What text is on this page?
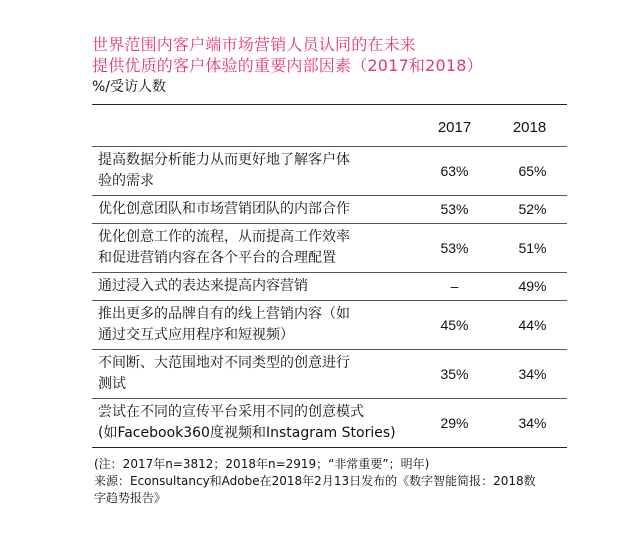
世界范围内客户端市场营销人员认同的在未来
提供优质的客户体验的重要内部因素（2017和2018）
%/受访人数
	2017	2018

提高数据分析能力从而更好地了解客户体
验的需求	63%	65%

优化创意团队和市场营销团队的内部合作	53%	52%

优化创意工作的流程，从而提高工作效率
和促进营销内容在各个平台的合理配置	53%	51%

通过浸入式的表达来提高内容营销	–	49%

推出更多的品牌自有的线上营销内容（如
通过交互式应用程序和短视频）	45%	44%

不间断、大范围地对不同类型的创意进行
测试	35%	34%

尝试在不同的宣传平台采用不同的创意模式
(如Facebook360度视频和Instagram Stories)	29%	34%
(注：2017年n=3812；2018年n=2919；“非常重要”；明年)
来源：Econsultancy和Adobe在2018年2月13日发布的《数字智能简报：2018数
字趋势报告》
